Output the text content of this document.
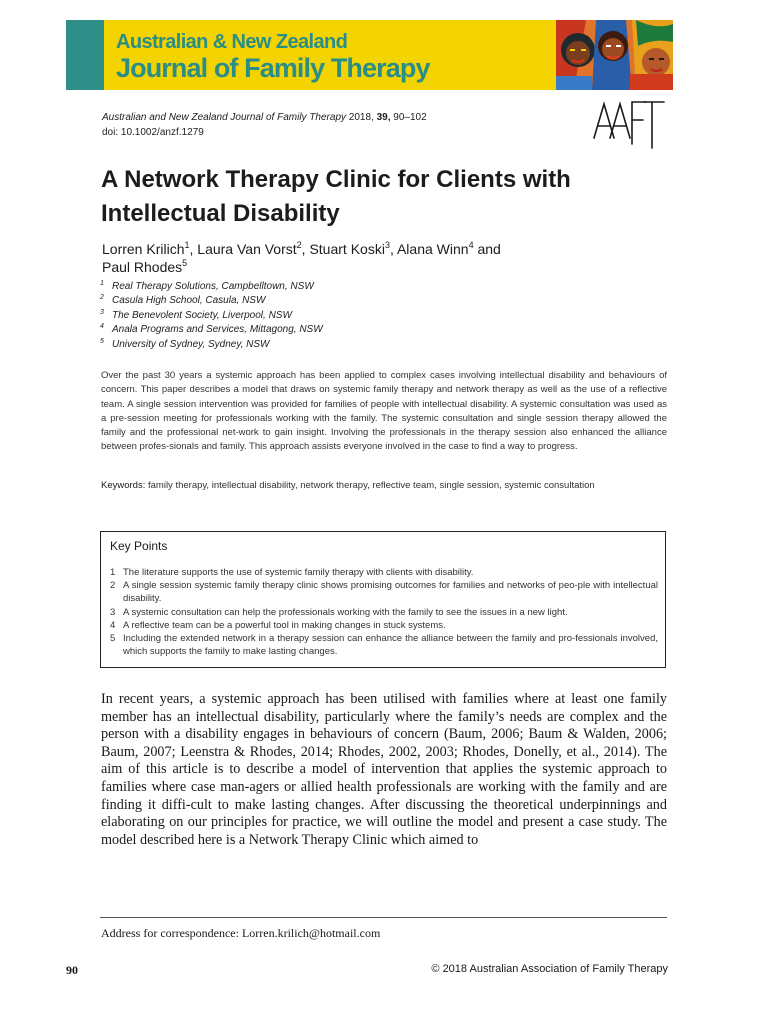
Australian & New Zealand
Journal of Family Therapy
Australian and New Zealand Journal of Family Therapy 2018, 39, 90–102
doi: 10.1002/anzf.1279
A Network Therapy Clinic for Clients with Intellectual Disability
Lorren Krilich$^1$, Laura Van Vorst$^2$, Stuart Koski$^3$, Alana Winn$^4$ and
Paul Rhodes$^5$
1 Real Therapy Solutions, Campbelltown, NSW
2 Casula High School, Casula, NSW
3 The Benevolent Society, Liverpool, NSW
4 Anala Programs and Services, Mittagong, NSW
5 University of Sydney, Sydney, NSW

Over the past 30 years a systemic approach has been applied to complex cases involving intellectual disability and behaviours of concern. This paper describes a model that draws on systemic family therapy and network therapy as well as the use of a reflective team. A single session intervention was provided for families of people with intellectual disability. A systemic consultation was used as a pre-session meeting for professionals working with the family. The systemic consultation and single session therapy allowed the family and the professional net-work to gain insight. Involving the professionals in the therapy session also enhanced the alliance between profes-sionals and family. This approach assists everyone involved in the case to find a way to progress.

Keywords: family therapy, intellectual disability, network therapy, reflective team, single session, systemic consultation

Key Points
1 The literature supports the use of systemic family therapy with clients with disability.
2 A single session systemic family therapy clinic shows promising outcomes for families and networks of peo-ple with intellectual disability.
3 A systemic consultation can help the professionals working with the family to see the issues in a new light.
4 A reflective team can be a powerful tool in making changes in stuck systems.
5 Including the extended network in a therapy session can enhance the alliance between the family and pro-fessionals involved, which supports the family to make lasting changes.

In recent years, a systemic approach has been utilised with families where at least one family member has an intellectual disability, particularly where the family’s needs are complex and the person with a disability engages in behaviours of concern (Baum, 2006; Baum & Walden, 2006; Baum, 2007; Leenstra & Rhodes, 2014; Rhodes, 2002, 2003; Rhodes, Donelly, et al., 2014). The aim of this article is to describe a model of intervention that applies the systemic approach to families where case man-agers or allied health professionals are working with the family and are finding it diffi-cult to make lasting changes. After discussing the theoretical underpinnings and elaborating on our principles for practice, we will outline the model and present a case study. The model described here is a Network Therapy Clinic which aimed to

Address for correspondence: Lorren.krilich@hotmail.com
90	© 2018 Australian Association of Family Therapy
